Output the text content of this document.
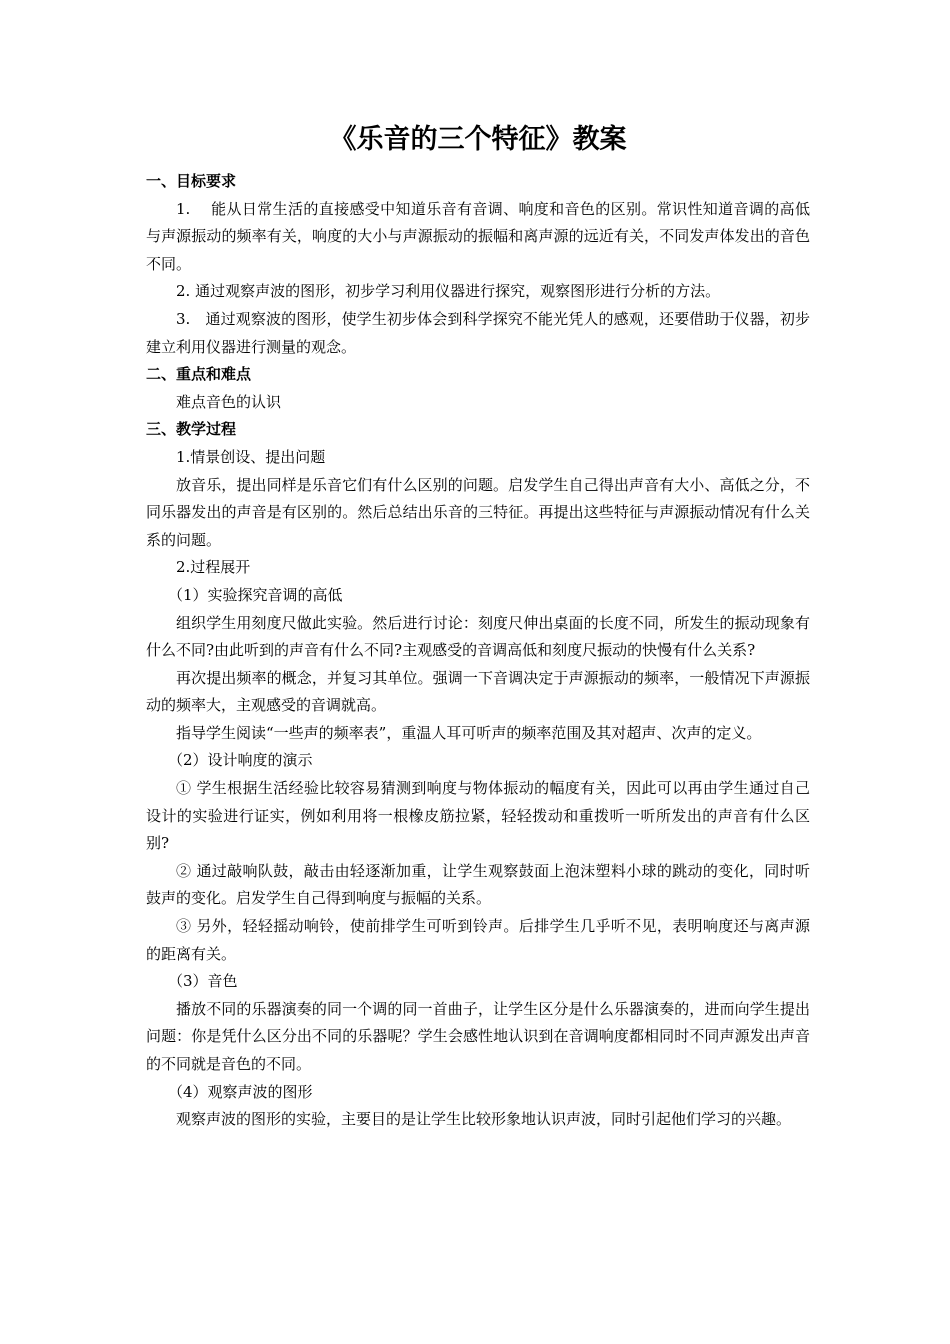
《乐音的三个特征》教案
一、目标要求

1.　 能从日常生活的直接感受中知道乐音有音调、响度和音色的区别。常识性知道音调的高低与声源振动的频率有关，响度的大小与声源振动的振幅和离声源的远近有关，不同发声体发出的音色不同。

2. 通过观察声波的图形，初步学习利用仪器进行探究，观察图形进行分析的方法。

3.　通过观察波的图形，使学生初步体会到科学探究不能光凭人的感观，还要借助于仪器，初步建立利用仪器进行测量的观念。

二、重点和难点

难点音色的认识

三、教学过程
1.情景创设、提出问题

放音乐，提出同样是乐音它们有什么区别的问题。启发学生自己得出声音有大小、高低之分，不同乐器发出的声音是有区别的。然后总结出乐音的三特征。再提出这些特征与声源振动情况有什么关系的问题。

2.过程展开
（1）实验探究音调的高低

组织学生用刻度尺做此实验。然后进行讨论：刻度尺伸出桌面的长度不同，所发生的振动现象有什么不同?由此听到的声音有什么不同?主观感受的音调高低和刻度尺振动的快慢有什么关系?

再次提出频率的概念，并复习其单位。强调一下音调决定于声源振动的频率，一般情况下声源振动的频率大，主观感受的音调就高。

指导学生阅读“一些声的频率表”，重温人耳可听声的频率范围及其对超声、次声的定义。

（2）设计响度的演示

① 学生根据生活经验比较容易猜测到响度与物体振动的幅度有关，因此可以再由学生通过自己设计的实验进行证实，例如利用将一根橡皮筋拉紧，轻轻拨动和重拨听一听所发出的声音有什么区别?

② 通过敲响队鼓，敲击由轻逐渐加重，让学生观察鼓面上泡沫塑料小球的跳动的变化，同时听鼓声的变化。启发学生自己得到响度与振幅的关系。

③ 另外，轻轻摇动响铃，使前排学生可听到铃声。后排学生几乎听不见，表明响度还与离声源的距离有关。

（3）音色

播放不同的乐器演奏的同一个调的同一首曲子，让学生区分是什么乐器演奏的，进而向学生提出问题：你是凭什么区分出不同的乐器呢？学生会感性地认识到在音调响度都相同时不同声源发出声音的不同就是音色的不同。

（4）观察声波的图形

观察声波的图形的实验，主要目的是让学生比较形象地认识声波，同时引起他们学习的兴趣。
